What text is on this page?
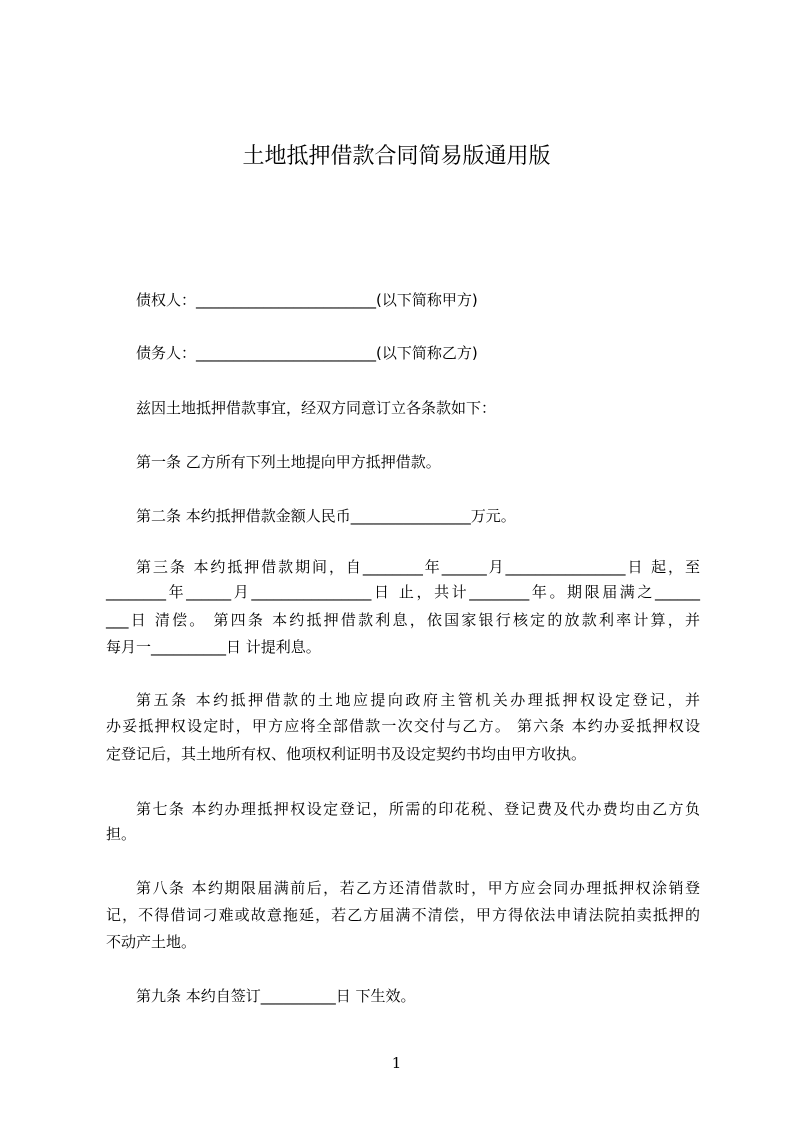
土地抵押借款合同简易版通用版
债权人：________________________(以下简称甲方)
债务人：________________________(以下简称乙方)
兹因土地抵押借款事宜，经双方同意订立各条款如下：
第一条 乙方所有下列土地提向甲方抵押借款。
第二条 本约抵押借款金额人民币________________万元。
第三条 本约抵押借款期间，自________年______月________________日 起，至
________年______月________________日 止，共计________年。期限届满之______
___日 清偿。 第四条 本约抵押借款利息，依国家银行核定的放款利率计算，并
每月一__________日 计提利息。
第五条 本约抵押借款的土地应提向政府主管机关办理抵押权设定登记，并
办妥抵押权设定时，甲方应将全部借款一次交付与乙方。 第六条 本约办妥抵押权设
定登记后，其土地所有权、他项权利证明书及设定契约书均由甲方收执。
第七条 本约办理抵押权设定登记，所需的印花税、登记费及代办费均由乙方负
担。
第八条 本约期限届满前后，若乙方还清借款时，甲方应会同办理抵押权涂销登
记，不得借词刁难或故意拖延，若乙方届满不清偿，甲方得依法申请法院拍卖抵押的
不动产土地。
第九条 本约自签订__________日 下生效。
1
